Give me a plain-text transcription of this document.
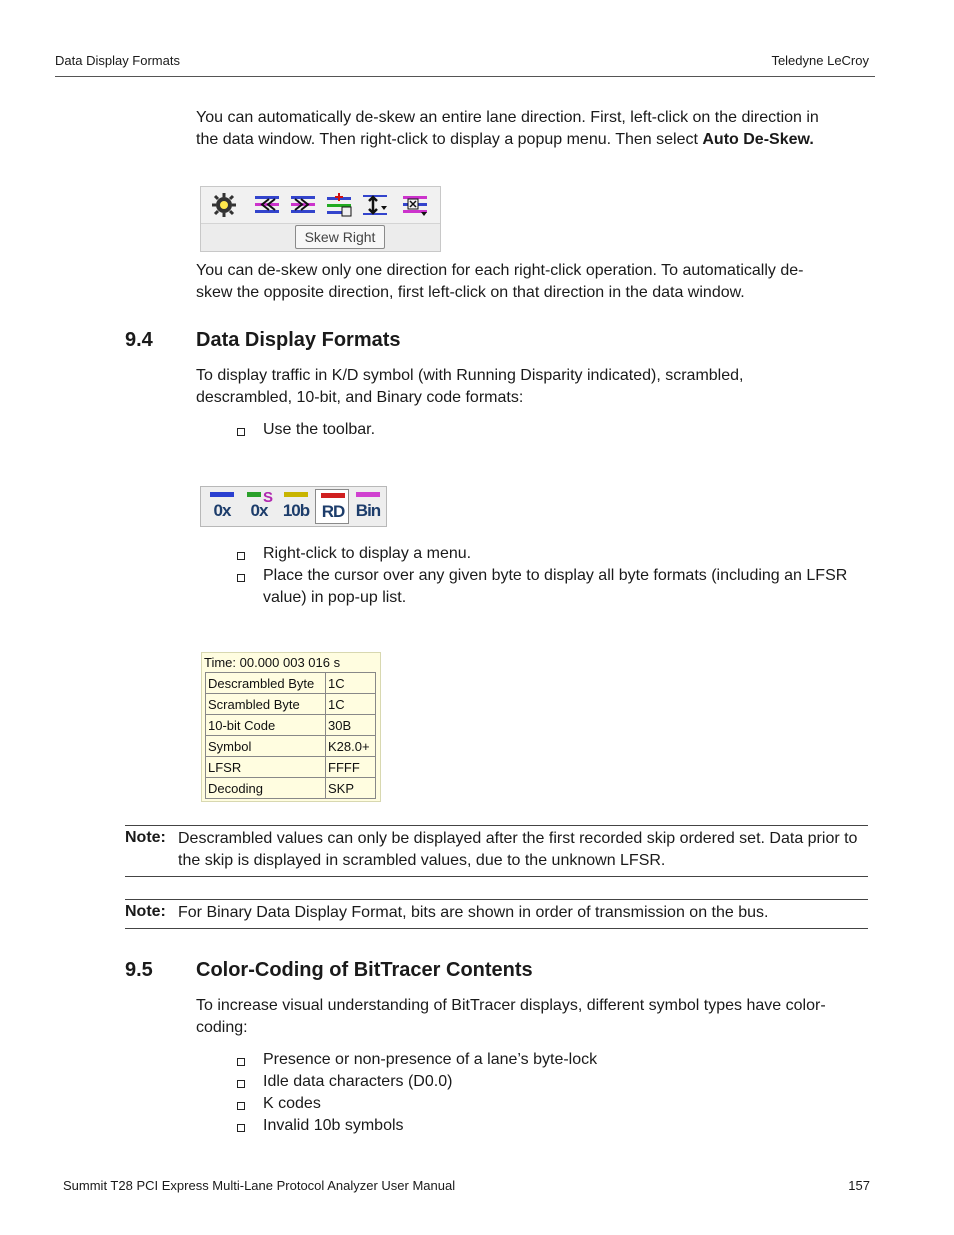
Data Display Formats	Teledyne LeCroy
You can automatically de-skew an entire lane direction. First, left-click on the direction in
the data window. Then right-click to display a popup menu. Then select Auto De-Skew.
Skew Right
You can de-skew only one direction for each right-click operation. To automatically de-
skew the opposite direction, first left-click on that direction in the data window.
9.4 Data Display Formats
To display traffic in K/D symbol (with Running Disparity indicated), scrambled,
descrambled, 10-bit, and Binary code formats:
Use the toolbar.
0x
S
0x 10b RD Bin
Right-click to display a menu.
Place the cursor over any given byte to display all byte formats (including an LFSR
value) in pop-up list.
Time: 00.000 003 016 s
Descrambled Byte	1C
Scrambled Byte	1C
10-bit Code	30B
Symbol	K28.0+
LFSR	FFFF
Decoding	SKP
Note: Descrambled values can only be displayed after the first recorded skip ordered set. Data prior to
the skip is displayed in scrambled values, due to the unknown LFSR.
Note: For Binary Data Display Format, bits are shown in order of transmission on the bus.
9.5 Color-Coding of BitTracer Contents
To increase visual understanding of BitTracer displays, different symbol types have color-
coding:
Presence or non-presence of a lane’s byte-lock
Idle data characters (D0.0)
K codes
Invalid 10b symbols
Summit T28 PCI Express Multi-Lane Protocol Analyzer User Manual	157
